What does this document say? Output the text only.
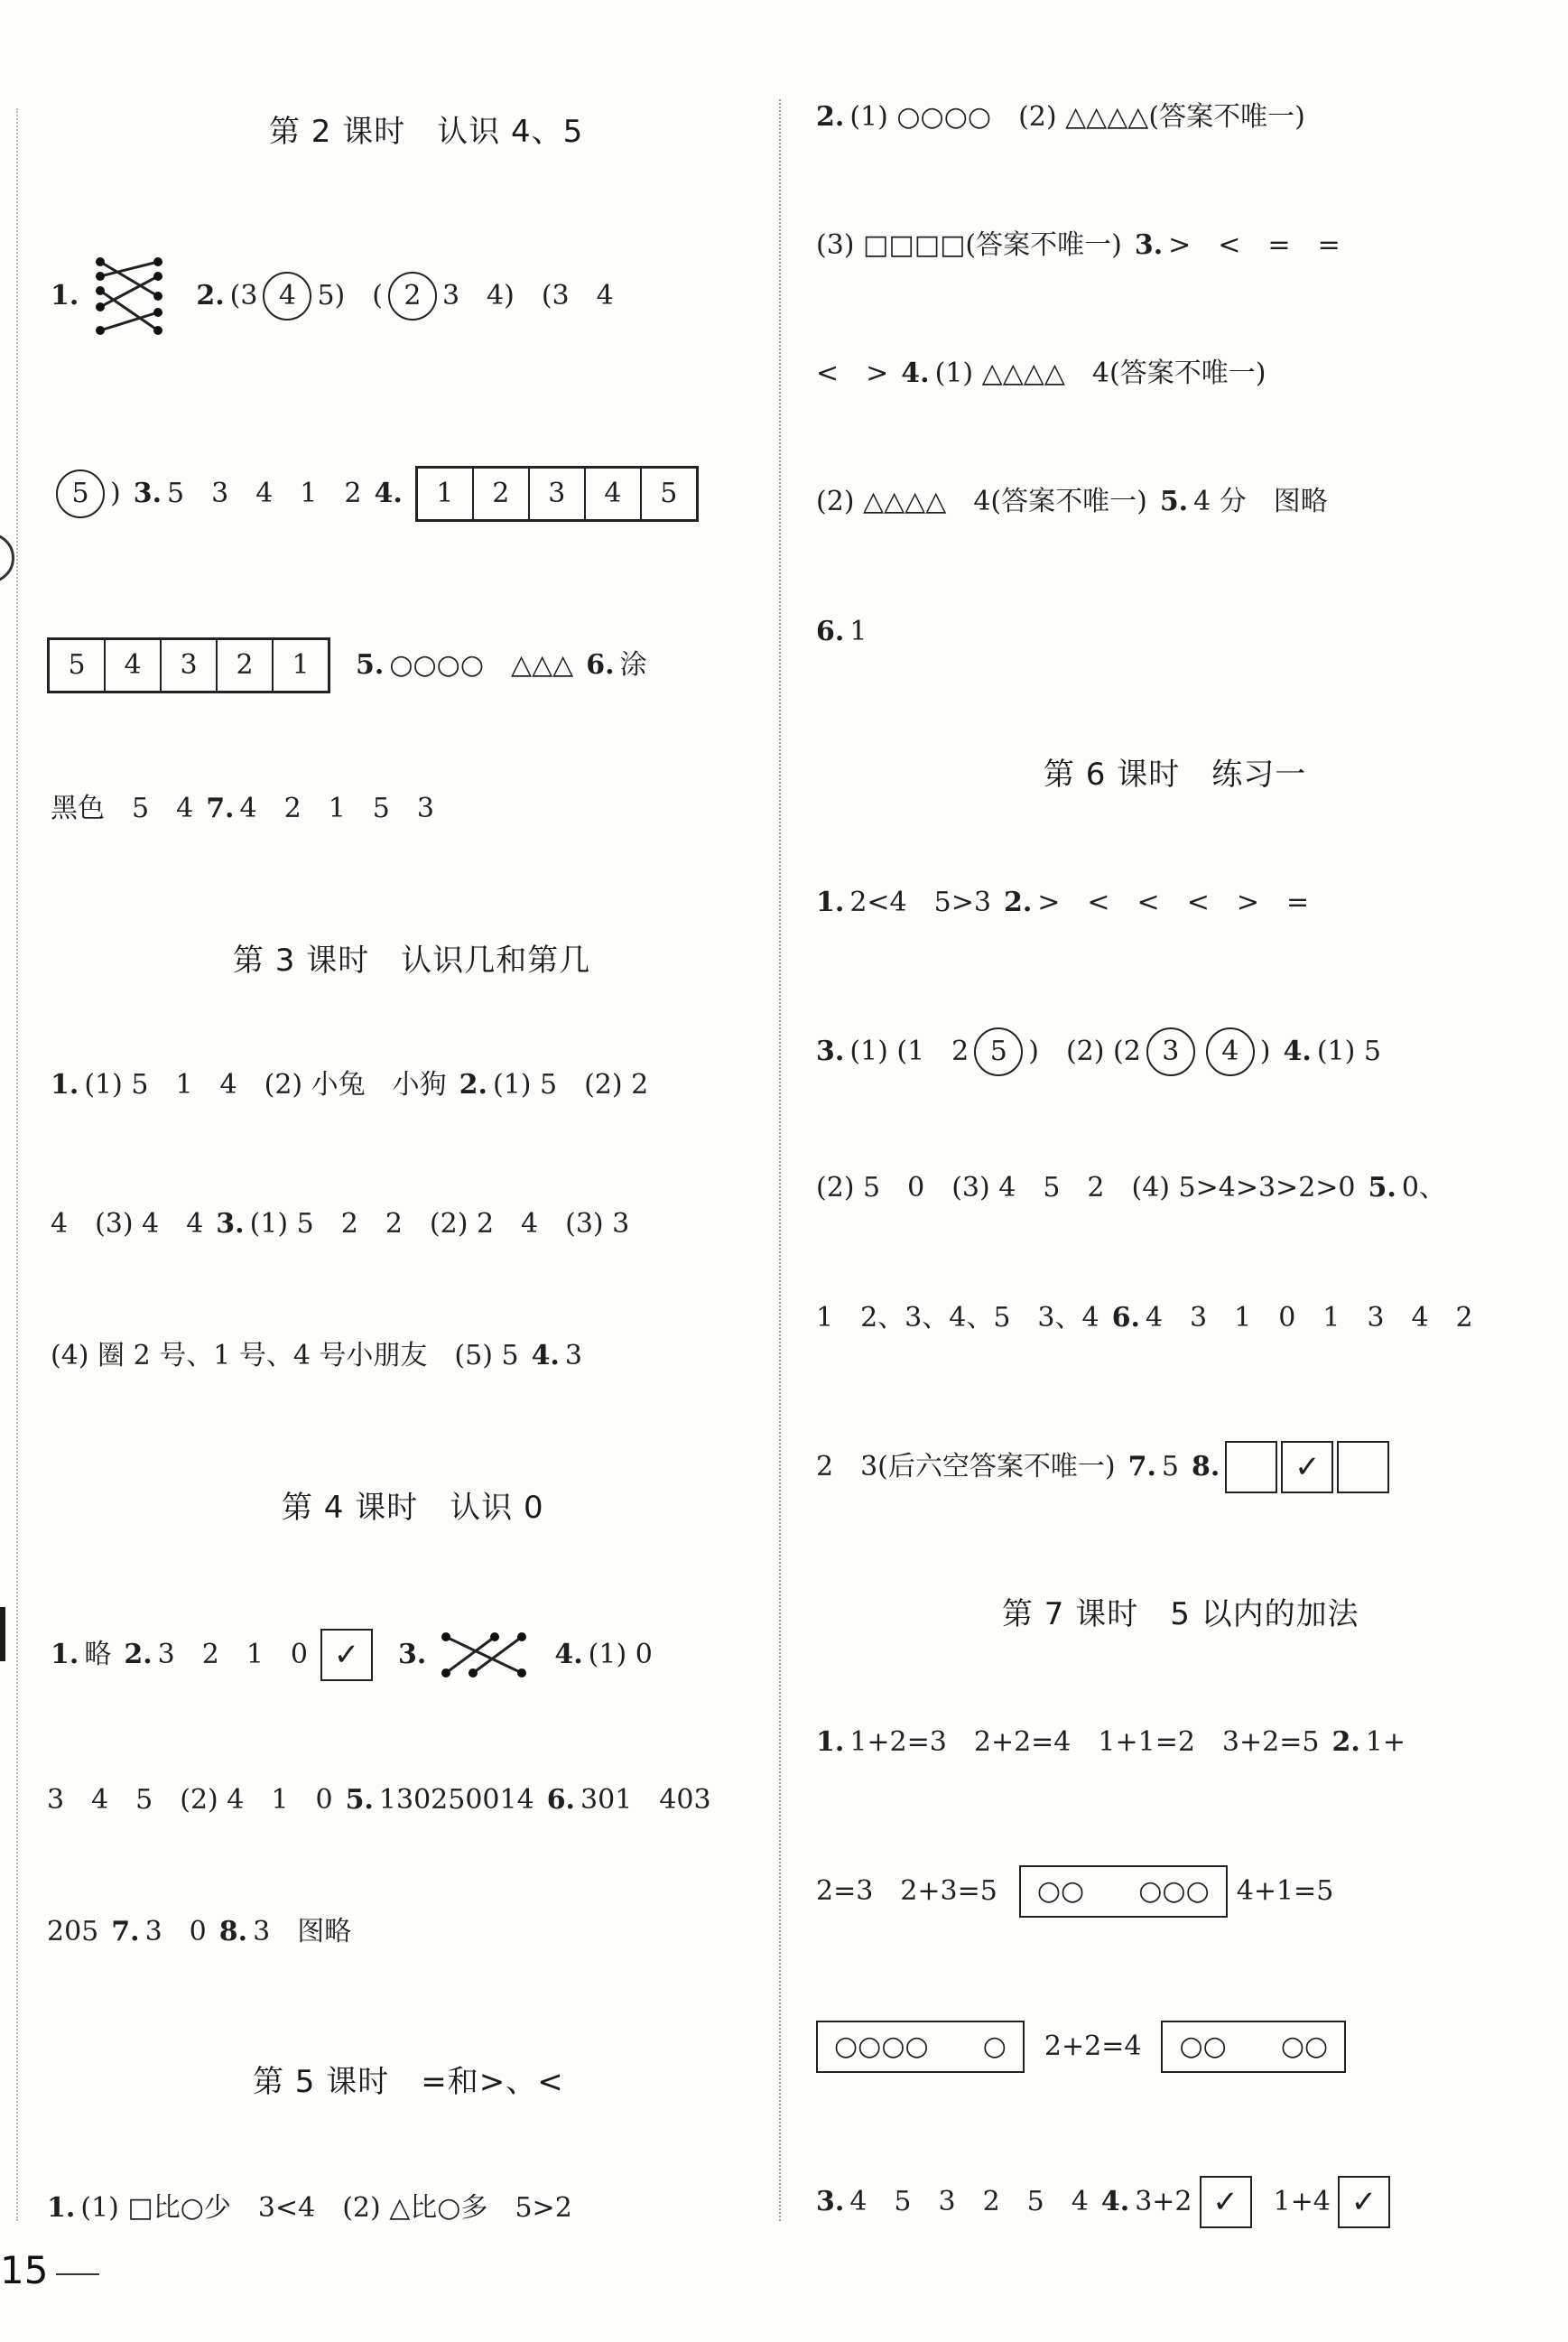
第 2 课时　认识 4、5
1.	2. (3 4 5)　( 2 3　4)　(3　4
5 ) 3. 5　3　4　1　2 4.	1	2	3	4	5
5	4	3	2	1	5. ○○○○　△△△ 6. 涂
黑色　5　4 7. 4　2　1　5　3
第 3 课时　认识几和第几
1. (1) 5　1　4　(2) 小兔　小狗 2. (1) 5　(2) 2
4　(3) 4　4 3. (1) 5　2　2　(2) 2　4　(3) 3
(4) 圈 2 号、1 号、4 号小朋友　(5) 5 4. 3
第 4 课时　认识 0
1. 略 2. 3　2　1　0 ✓	3.	4. (1) 0
3　4　5　(2) 4　1　0 5. 130250014 6. 301　403
205 7. 3　0 8. 3　图略
第 5 课时　=和>、<
1. (1) □比○少　3<4　(2) △比○多　5>2
15
2. (1) ○○○○　(2) △△△△(答案不唯一)
(3) □□□□(答案不唯一) 3. >　<　=　=
<　> 4. (1) △△△△　4(答案不唯一)
(2) △△△△　4(答案不唯一) 5. 4 分　图略
6. 1
第 6 课时　练习一
1. 2<4　5>3 2. >　<　<　<　>　=
3. (1) (1　2 5 )　(2) (2 3	4 ) 4. (1) 5
(2) 5　0　(3) 4　5　2　(4) 5>4>3>2>0 5. 0、
1　2、3、4、5　3、4 6. 4　3　1　0　1　3　4　2
2　3(后六空答案不唯一) 7. 5 8.	✓
第 7 课时　5 以内的加法
1. 1+2=3　2+2=4　1+1=2　3+2=5 2. 1+
2=3　2+3=5 ○○ ○○○ 4+1=5
○○○○ ○ 2+2=4 ○○ ○○
3. 4　5　3　2　5　4 4. 3+2 ✓	1+4 ✓
